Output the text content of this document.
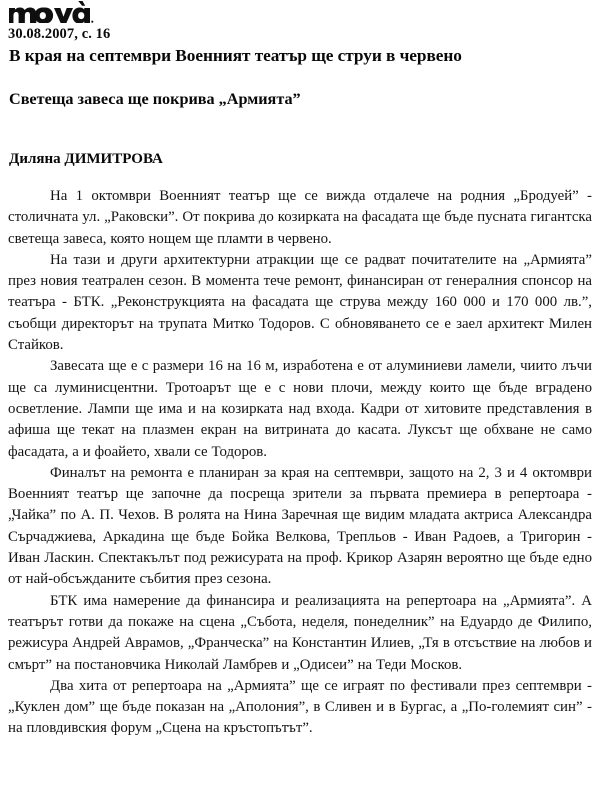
30.08.2007, с. 16
В края на септември Военният театър ще струи в червено
Светеща завеса ще покрива „Армията”
Диляна ДИМИТРОВА

На 1 октомври Военният театър ще се вижда отдалече на родния „Бродуей” - столичната ул. „Раковски”. От покрива до козирката на фасадата ще бъде пусната гигантска светеща завеса, която нощем ще пламти в червено.

На тази и други архитектурни атракции ще се радват почитателите на „Армията” през новия театрален сезон. В момента тече ремонт, финансиран от генералния спонсор на театъра - БТК. „Реконструкцията на фасадата ще струва между 160 000 и 170 000 лв.”, съобщи директорът на трупата Митко Тодоров. С обновяването се е заел архитект Милен Стайков.

Завесата ще е с размери 16 на 16 м, изработена е от алуминиеви ламели, чиито лъчи ще са луминисцентни. Тротоарът ще е с нови плочи, между които ще бъде вградено осветление. Лампи ще има и на козирката над входа. Кадри от хитовите представления в афиша ще текат на плазмен екран на витрината до касата. Луксът ще обхване не само фасадата, а и фоайето, хвали се Тодоров.

Финалът на ремонта е планиран за края на септември, защото на 2, 3 и 4 октомври Военният театър ще започне да посреща зрители за първата премиера в репертоара -„Чайка” по А. П. Чехов. В ролята на Нина Заречная ще видим младата актриса Александра Сърчаджиева, Аркадина ще бъде Бойка Велкова, Трепльов - Иван Радоев, а Тригорин - Иван Ласкин. Спектакълът под режисурата на проф. Крикор Азарян вероятно ще бъде едно от най-обсъжданите събития през сезона.

БТК има намерение да финансира и реализацията на репертоара на „Армията”. А театърът готви да покаже на сцена „Събота, неделя, понеделник” на Едуардо де Филипо, режисура Андрей Аврамов, „Франческа” на Константин Илиев, „Тя в отсъствие на любов и смърт” на постановчика Николай Ламбрев и „Одисеи” на Теди Москов.

Два хита от репертоара на „Армията” ще се играят по фестивали през септември - „Куклен дом” ще бъде показан на „Аполония”, в Сливен и в Бургас, а „По-големият син” - на пловдивския форум „Сцена на кръстопътът”.
